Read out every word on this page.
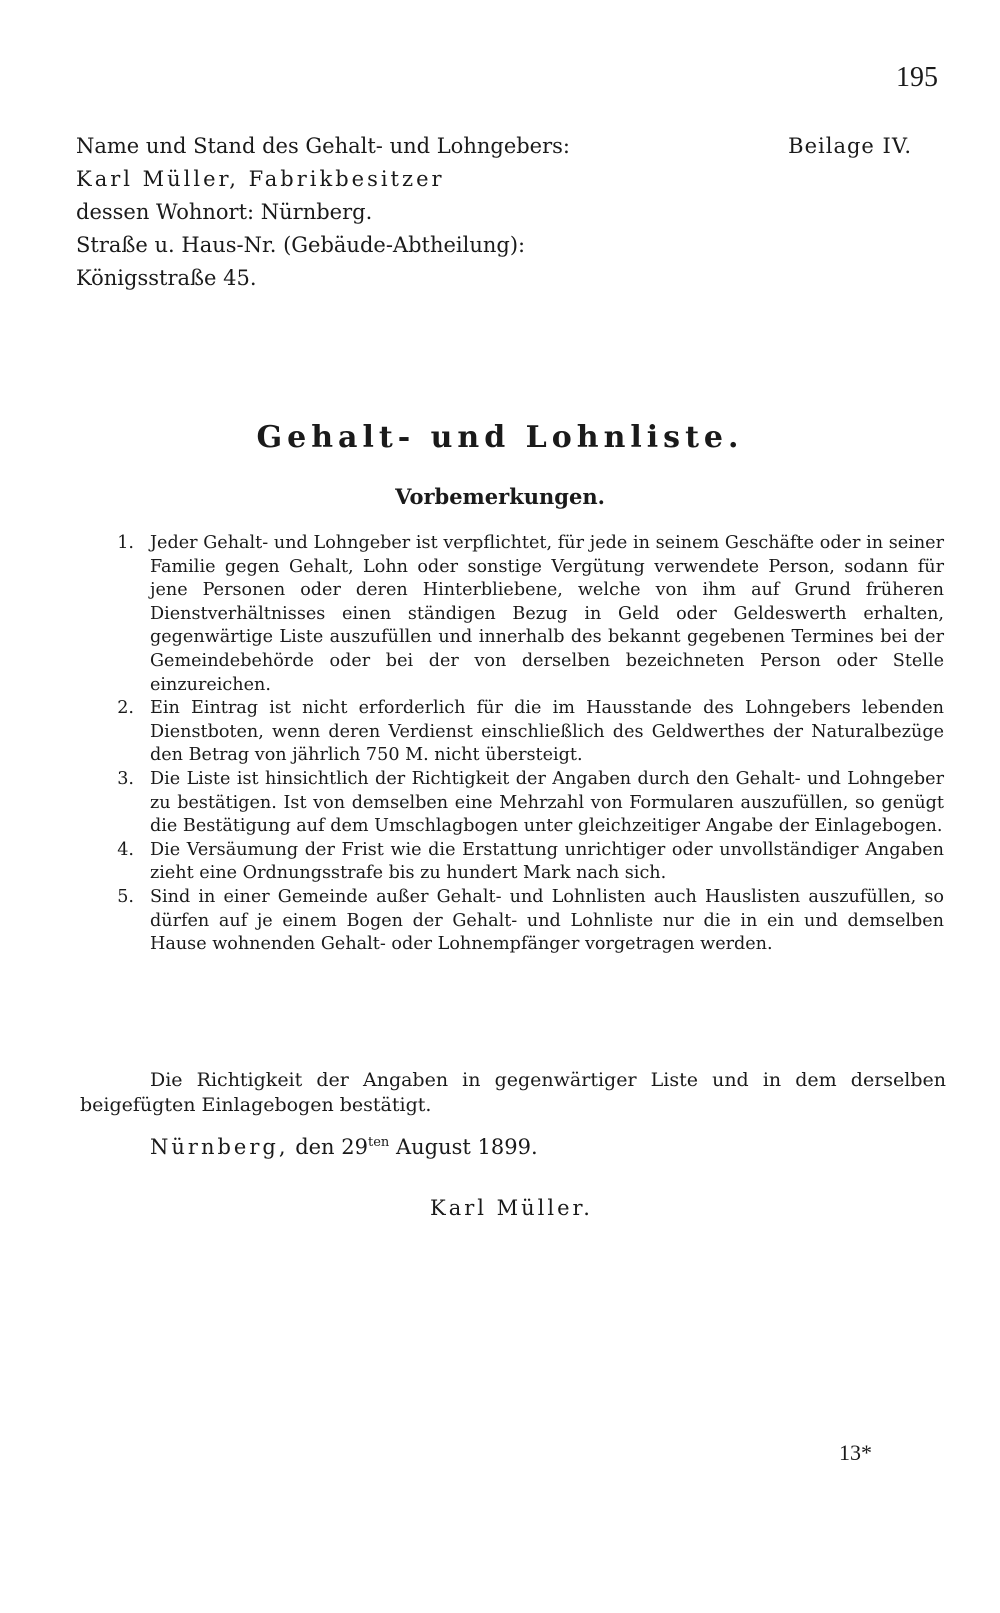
195
Name und Stand des Gehalt- und Lohngebers:
Karl Müller, Fabrikbesitzer
dessen Wohnort: Nürnberg.
Straße u. Haus-Nr. (Gebäude-Abtheilung):
Königsstraße 45.
Beilage IV.
Gehalt- und Lohnliste.
Vorbemerkungen.
1. Jeder Gehalt- und Lohngeber ist verpflichtet, für jede in seinem Geschäfte oder in seiner Familie gegen Gehalt, Lohn oder sonstige Vergütung verwendete Person, sodann für jene Personen oder deren Hinterbliebene, welche von ihm auf Grund früheren Dienstverhältnisses einen ständigen Bezug in Geld oder Geldeswerth erhalten, gegenwärtige Liste auszufüllen und innerhalb des bekannt gegebenen Termines bei der Gemeindebehörde oder bei der von derselben bezeichneten Person oder Stelle einzureichen.
2. Ein Eintrag ist nicht erforderlich für die im Hausstande des Lohngebers lebenden Dienstboten, wenn deren Verdienst einschließlich des Geldwerthes der Naturalbezüge den Betrag von jährlich 750 M. nicht übersteigt.
3. Die Liste ist hinsichtlich der Richtigkeit der Angaben durch den Gehalt- und Lohngeber zu bestätigen. Ist von demselben eine Mehrzahl von Formularen auszufüllen, so genügt die Bestätigung auf dem Umschlagbogen unter gleichzeitiger Angabe der Einlagebogen.
4. Die Versäumung der Frist wie die Erstattung unrichtiger oder unvollständiger Angaben zieht eine Ordnungsstrafe bis zu hundert Mark nach sich.
5. Sind in einer Gemeinde außer Gehalt- und Lohnlisten auch Hauslisten auszufüllen, so dürfen auf je einem Bogen der Gehalt- und Lohnliste nur die in ein und demselben Hause wohnenden Gehalt- oder Lohnempfänger vorgetragen werden.
Die Richtigkeit der Angaben in gegenwärtiger Liste und in dem derselben beigefügten Einlagebogen bestätigt.
Nürnberg, den $29^{ten}$ August 1899.
Karl Müller.
13*
